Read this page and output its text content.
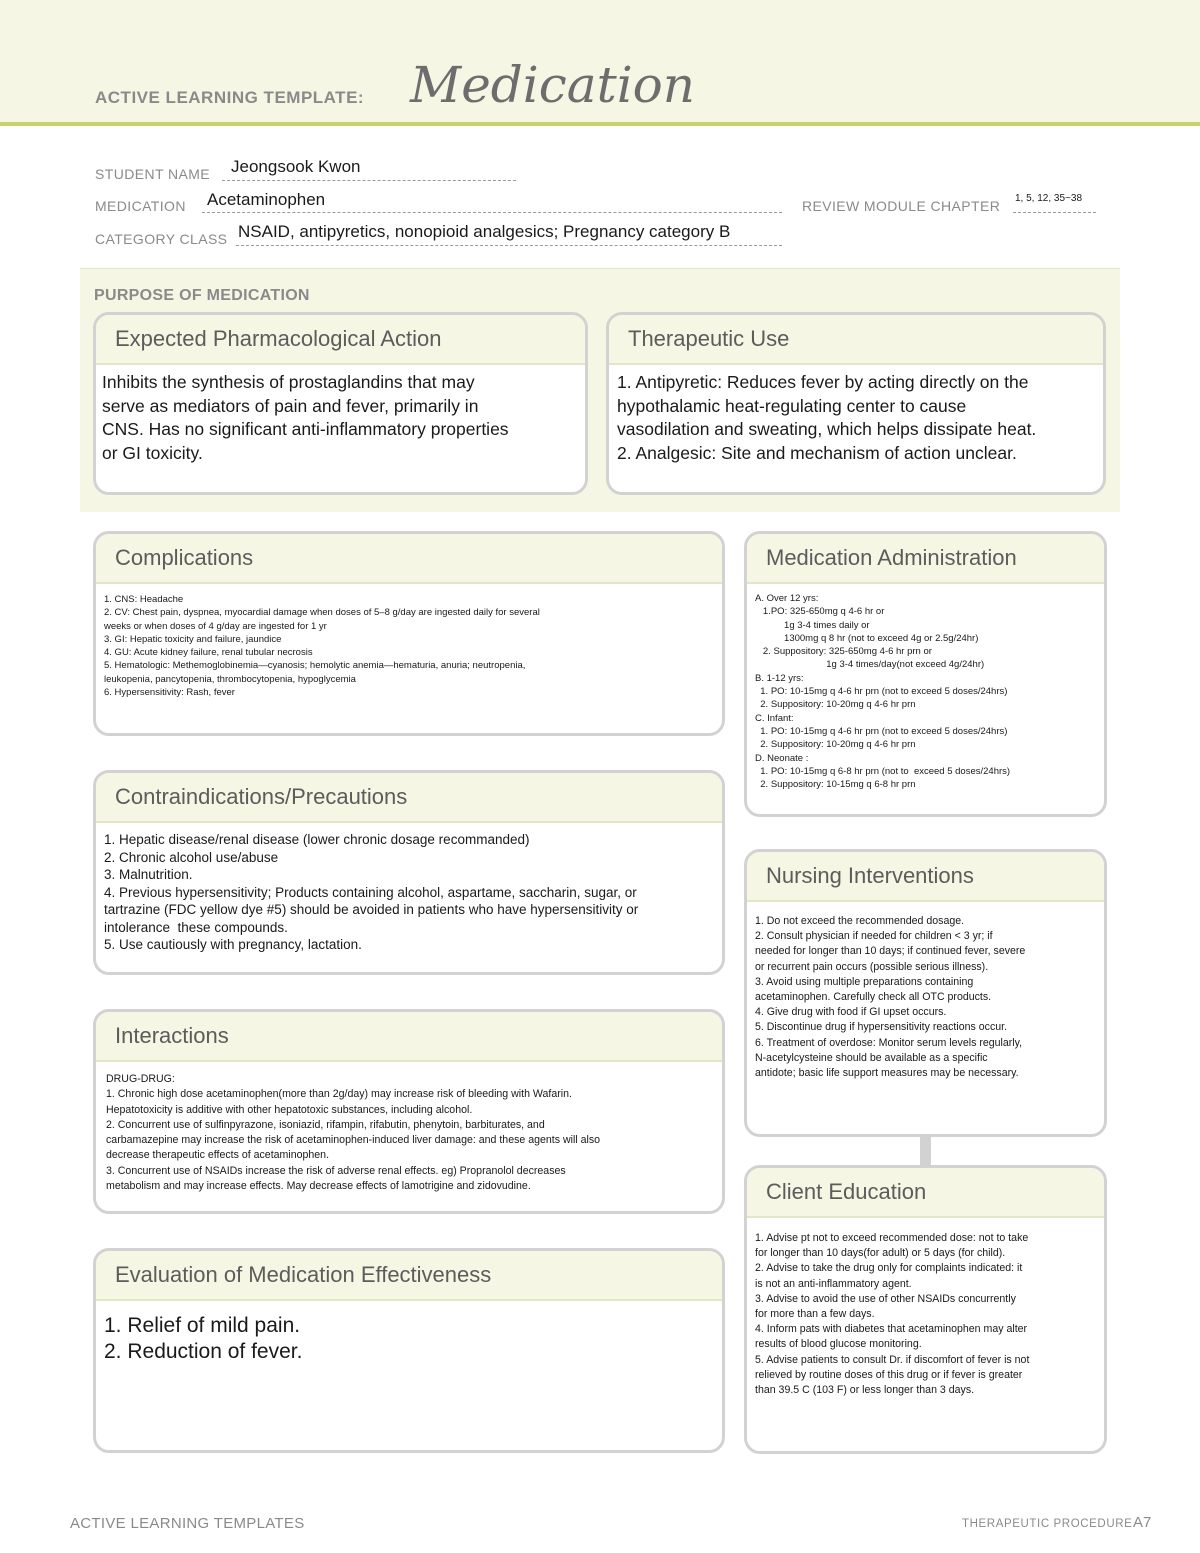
ACTIVE LEARNING TEMPLATE: Medication
STUDENT NAME Jeongsook Kwon
MEDICATION Acetaminophen	REVIEW MODULE CHAPTER 1, 5, 12, 35~38
CATEGORY CLASS NSAID, antipyretics, nonopioid analgesics; Pregnancy category B
PURPOSE OF MEDICATION
Expected Pharmacological Action
Inhibits the synthesis of prostaglandins that may
serve as mediators of pain and fever, primarily in
CNS. Has no significant anti-inflammatory properties
or GI toxicity.
Therapeutic Use
1. Antipyretic: Reduces fever by acting directly on the
hypothalamic heat-regulating center to cause
vasodilation and sweating, which helps dissipate heat.
2. Analgesic: Site and mechanism of action unclear.
Complications
1. CNS: Headache
2. CV: Chest pain, dyspnea, myocardial damage when doses of 5–8 g/day are ingested daily for several
weeks or when doses of 4 g/day are ingested for 1 yr
3. GI: Hepatic toxicity and failure, jaundice
4. GU: Acute kidney failure, renal tubular necrosis
5. Hematologic: Methemoglobinemia—cyanosis; hemolytic anemia—hematuria, anuria; neutropenia,
leukopenia, pancytopenia, thrombocytopenia, hypoglycemia
6. Hypersensitivity: Rash, fever
Medication Administration
A. Over 12 yrs:
1.PO: 325-650mg q 4-6 hr or
1g 3-4 times daily or
1300mg q 8 hr (not to exceed 4g or 2.5g/24hr)
2. Suppository: 325-650mg 4-6 hr prn or
1g 3-4 times/day(not exceed 4g/24hr)
B. 1-12 yrs:
1. PO: 10-15mg q 4-6 hr prn (not to exceed 5 doses/24hrs)
2. Suppository: 10-20mg q 4-6 hr prn
C. Infant:
1. PO: 10-15mg q 4-6 hr prn (not to exceed 5 doses/24hrs)
2. Suppository: 10-20mg q 4-6 hr prn
D. Neonate :
1. PO: 10-15mg q 6-8 hr prn (not to  exceed 5 doses/24hrs)
2. Suppository: 10-15mg q 6-8 hr prn
Contraindications/Precautions
1. Hepatic disease/renal disease (lower chronic dosage recommanded)
2. Chronic alcohol use/abuse
3. Malnutrition.
4. Previous hypersensitivity; Products containing alcohol, aspartame, saccharin, sugar, or
tartrazine (FDC yellow dye #5) should be avoided in patients who have hypersensitivity or
intolerance  these compounds.
5. Use cautiously with pregnancy, lactation.
Nursing Interventions
1. Do not exceed the recommended dosage.
2. Consult physician if needed for children < 3 yr; if
needed for longer than 10 days; if continued fever, severe
or recurrent pain occurs (possible serious illness).
3. Avoid using multiple preparations containing
acetaminophen. Carefully check all OTC products.
4. Give drug with food if GI upset occurs.
5. Discontinue drug if hypersensitivity reactions occur.
6. Treatment of overdose: Monitor serum levels regularly,
N-acetylcysteine should be available as a specific
antidote; basic life support measures may be necessary.
Interactions
DRUG-DRUG:
1. Chronic high dose acetaminophen(more than 2g/day) may increase risk of bleeding with Wafarin.
Hepatotoxicity is additive with other hepatotoxic substances, including alcohol.
2. Concurrent use of sulfinpyrazone, isoniazid, rifampin, rifabutin, phenytoin, barbiturates, and
carbamazepine may increase the risk of acetaminophen-induced liver damage: and these agents will also
decrease therapeutic effects of acetaminophen.
3. Concurrent use of NSAIDs increase the risk of adverse renal effects. eg) Propranolol decreases
metabolism and may increase effects. May decrease effects of lamotrigine and zidovudine.	Client Education
1. Advise pt not to exceed recommended dose: not to take
for longer than 10 days(for adult) or 5 days (for child).
2. Advise to take the drug only for complaints indicated: it
is not an anti-inflammatory agent.
3. Advise to avoid the use of other NSAIDs concurrently
for more than a few days.
4. Inform pats with diabetes that acetaminophen may alter
results of blood glucose monitoring.
5. Advise patients to consult Dr. if discomfort of fever is not
relieved by routine doses of this drug or if fever is greater
than 39.5 C (103 F) or less longer than 3 days.
Evaluation of Medication Effectiveness
1. Relief of mild pain.
2. Reduction of fever.
ACTIVE LEARNING TEMPLATES	THERAPEUTIC PROCEDURE A7
